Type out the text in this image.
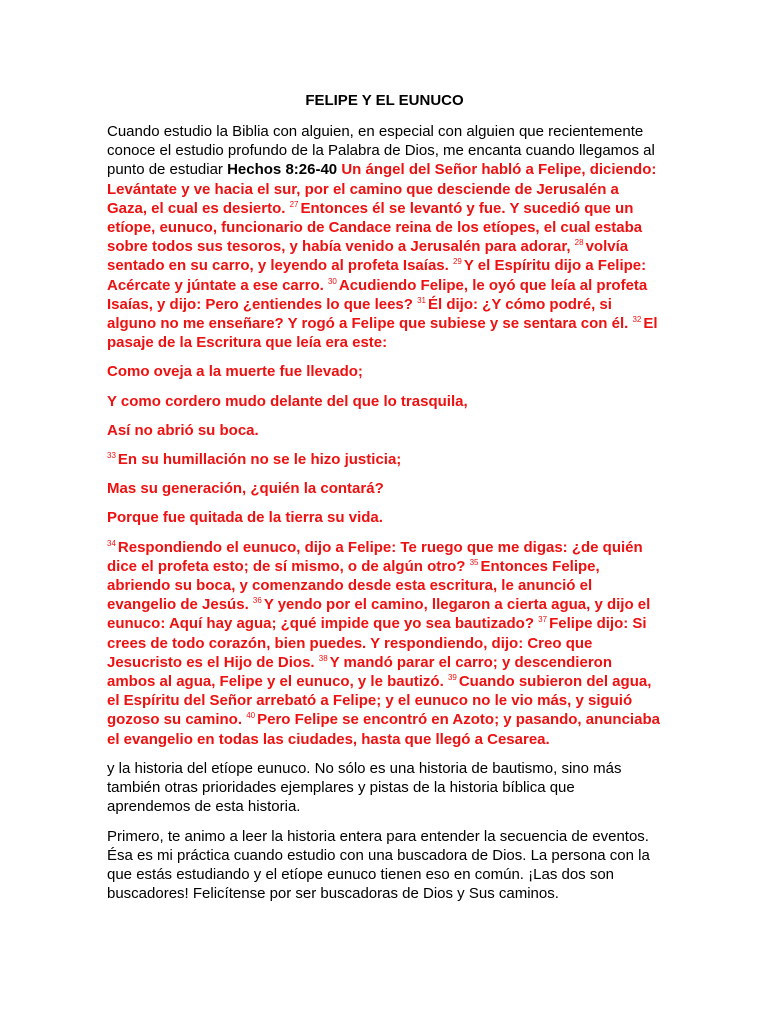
FELIPE Y EL EUNUCO

Cuando estudio la Biblia con alguien, en especial con alguien que recientemente conoce el estudio profundo de la Palabra de Dios, me encanta cuando llegamos al punto de estudiar Hechos 8:26-40 Un ángel del Señor habló a Felipe, diciendo: Levántate y ve hacia el sur, por el camino que desciende de Jerusalén a Gaza, el cual es desierto. $^{27}$ Entonces él se levantó y fue. Y sucedió que un etíope, eunuco, funcionario de Candace reina de los etíopes, el cual estaba sobre todos sus tesoros, y había venido a Jerusalén para adorar, $^{28}$ volvía sentado en su carro, y leyendo al profeta Isaías. $^{29}$ Y el Espíritu dijo a Felipe: Acércate y júntate a ese carro. $^{30}$ Acudiendo Felipe, le oyó que leía al profeta Isaías, y dijo: Pero ¿entiendes lo que lees? $^{31}$ Él dijo: ¿Y cómo podré, si alguno no me enseñare? Y rogó a Felipe que subiese y se sentara con él. $^{32}$ El pasaje de la Escritura que leía era este:

Como oveja a la muerte fue llevado;

Y como cordero mudo delante del que lo trasquila,

Así no abrió su boca.

$^{33}$ En su humillación no se le hizo justicia;

Mas su generación, ¿quién la contará?

Porque fue quitada de la tierra su vida.

$^{34}$ Respondiendo el eunuco, dijo a Felipe: Te ruego que me digas: ¿de quién dice el profeta esto; de sí mismo, o de algún otro? $^{35}$ Entonces Felipe, abriendo su boca, y comenzando desde esta escritura, le anunció el evangelio de Jesús. $^{36}$ Y yendo por el camino, llegaron a cierta agua, y dijo el eunuco: Aquí hay agua; ¿qué impide que yo sea bautizado? $^{37}$ Felipe dijo: Si crees de todo corazón, bien puedes. Y respondiendo, dijo: Creo que Jesucristo es el Hijo de Dios. $^{38}$ Y mandó parar el carro; y descendieron ambos al agua, Felipe y el eunuco, y le bautizó. $^{39}$ Cuando subieron del agua, el Espíritu del Señor arrebató a Felipe; y el eunuco no le vio más, y siguió gozoso su camino. $^{40}$ Pero Felipe se encontró en Azoto; y pasando, anunciaba el evangelio en todas las ciudades, hasta que llegó a Cesarea.

y la historia del etíope eunuco. No sólo es una historia de bautismo, sino más también otras prioridades ejemplares y pistas de la historia bíblica que aprendemos de esta historia.

Primero, te animo a leer la historia entera para entender la secuencia de eventos. Ésa es mi práctica cuando estudio con una buscadora de Dios. La persona con la que estás estudiando y el etíope eunuco tienen eso en común. ¡Las dos son buscadores! Felicítense por ser buscadoras de Dios y Sus caminos.
